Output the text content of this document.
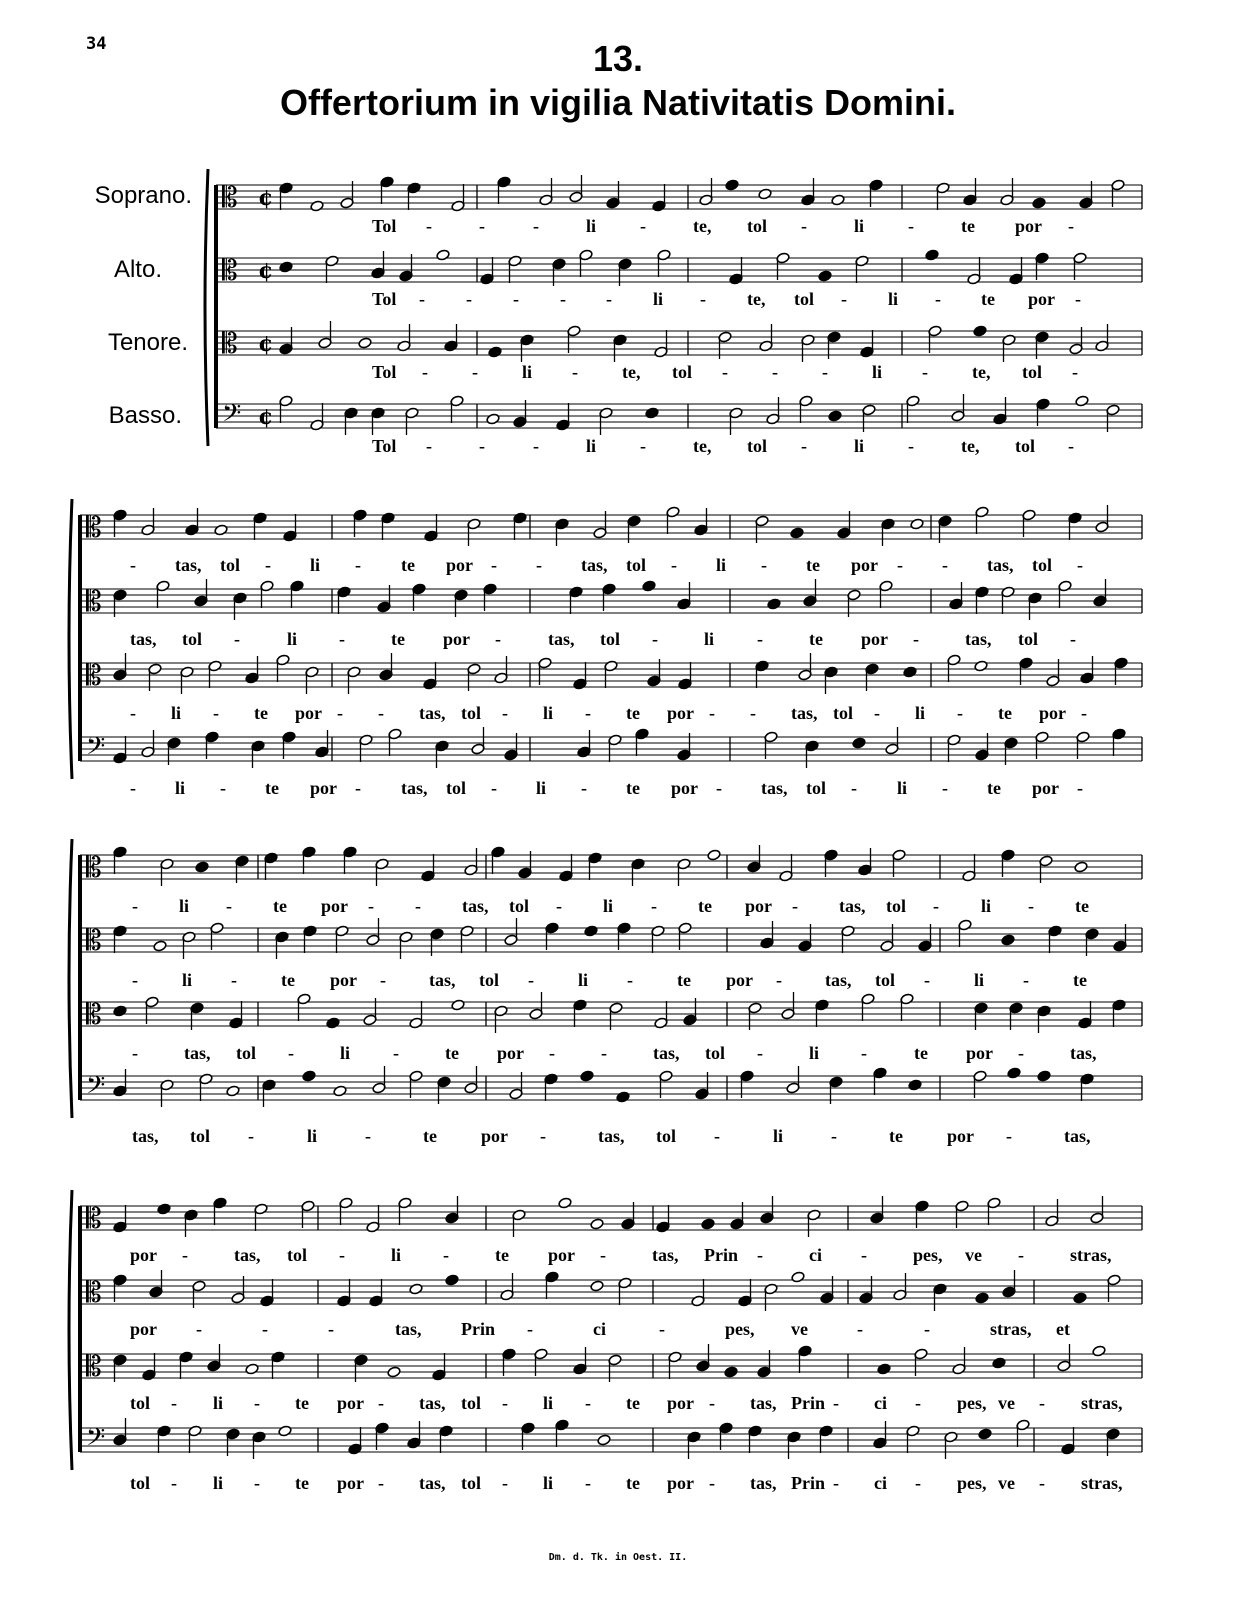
34	13.
Offertorium in vigilia Nativitatis Domini.
Soprano.
Alto.
Tenore.
Basso.
𝄡 ¢
𝄡 ¢
𝄡 ¢
𝄢 ¢
𝄡
𝄡
𝄡
𝄢
𝄡
𝄡
𝄡
𝄢
𝄡
𝄡
𝄡
𝄢
Tol -	-	-	li -	te, tol -	li -	te por -
Tol - - - - - li - te, tol - li - te por -
Tol - - li - te, tol - - - li - te, tol -
Tol -	-	-	li -	te, tol -	li -	te, tol -
- tas, tol - li - te por - - tas, tol - li - te por - - tas, tol -
tas, tol -	li -	te por -	tas, tol -	li -	te por -	tas, tol -
- li - te por - - tas, tol - li - te por - - tas, tol - li - te por -
- li - te por - tas, tol - li - te por - tas, tol - li - te por -
- li - te por - - tas, tol - li - te por - tas, tol - li - te
- li - te por - tas, tol - li - te por - tas, tol - li - te
-	tas, tol -	li -	te por -	-	tas, tol -	li -	te por -	tas,
tas, tol -	li	-	te por -	tas, tol -	li	-	te por -	tas,
por -	tas, tol -	li -	te por -	tas, Prin -	ci -	pes, ve -	stras,
por -	-	-	tas, Prin -	ci	-	pes, ve	-	-	stras, et
tol - li - te por - tas, tol - li - te por - tas, Prin - ci - pes, ve - stras,
tol - li - te por - tas, tol - li - te por - tas, Prin - ci - pes, ve - stras,
Dm. d. Tk. in Oest. II.
